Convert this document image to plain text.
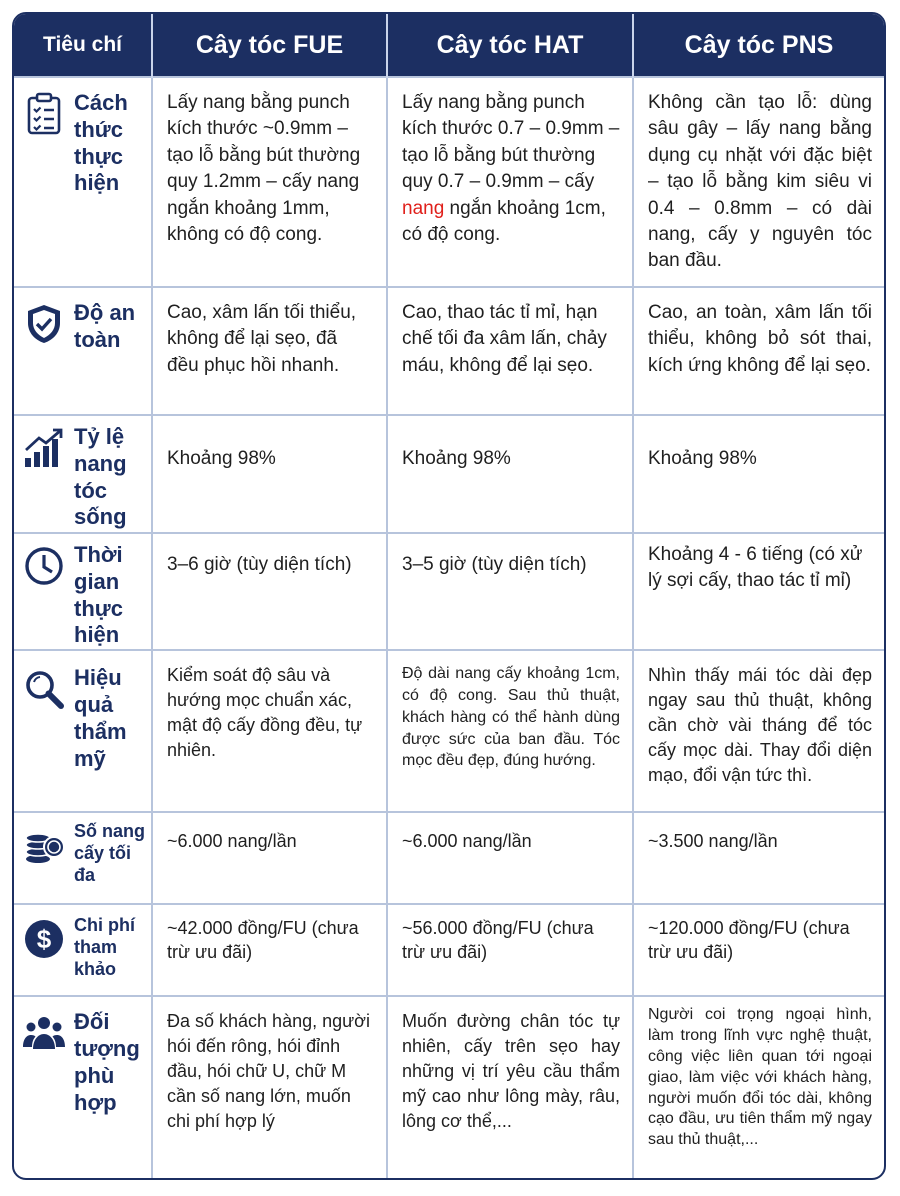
Tiêu chí	Cây tóc FUE	Cây tóc HAT	Cây tóc PNS

Cách thức thực hiện	Lấy nang bằng punch kích thước ~0.9mm – tạo lỗ bằng bút thường quy 1.2mm – cấy nang ngắn khoảng 1mm, không có độ cong.	Lấy nang bằng punch kích thước 0.7 – 0.9mm – tạo lỗ bằng bút thường quy 0.7 – 0.9mm – cấy nang ngắn khoảng 1cm, có độ cong.	Không cần tạo lỗ: dùng sâu gây – lấy nang bằng dụng cụ nhặt với đặc biệt – tạo lỗ bằng kim siêu vi 0.4 – 0.8mm – có dài nang, cấy y nguyên tóc ban đầu.

Độ an toàn	Cao, xâm lấn tối thiểu, không để lại sẹo, đã đều phục hồi nhanh.	Cao, thao tác tỉ mỉ, hạn chế tối đa xâm lấn, chảy máu, không để lại sẹo.	Cao, an toàn, xâm lấn tối thiểu, không bỏ sót thai, kích ứng không để lại sẹo.

Tỷ lệ nang tóc sống	Khoảng 98%	Khoảng 98%	Khoảng 98%

Thời gian thực hiện	3–6 giờ (tùy diện tích)	3–5 giờ (tùy diện tích)	Khoảng 4 - 6 tiếng (có xử lý sợi cấy, thao tác tỉ mỉ)

Hiệu quả thẩm mỹ	Kiểm soát độ sâu và hướng mọc chuẩn xác, mật độ cấy đồng đều, tự nhiên.	Độ dài nang cấy khoảng 1cm, có độ cong. Sau thủ thuật, khách hàng có thể hành dùng được sức của ban đầu. Tóc mọc đều đẹp, đúng hướng.	Nhìn thấy mái tóc dài đẹp ngay sau thủ thuật, không cần chờ vài tháng để tóc cấy mọc dài. Thay đổi diện mạo, đổi vận tức thì.

Số nang cấy tối đa	~6.000 nang/lần	~6.000 nang/lần	~3.500 nang/lần

$ Chi phí tham khảo	~42.000 đồng/FU (chưa trừ ưu đãi)	~56.000 đồng/FU (chưa trừ ưu đãi)	~120.000 đồng/FU (chưa trừ ưu đãi)

Đối tượng phù hợp	Đa số khách hàng, người hói đến rông, hói đỉnh đầu, hói chữ U, chữ M cần số nang lớn, muốn chi phí hợp lý	Muốn đường chân tóc tự nhiên, cấy trên sẹo hay những vị trí yêu cầu thẩm mỹ cao như lông mày, râu, lông cơ thể,...	Người coi trọng ngoại hình, làm trong lĩnh vực nghệ thuật, công việc liên quan tới ngoại giao, làm việc với khách hàng, người muốn đổi tóc dài, không cạo đầu, ưu tiên thẩm mỹ ngay sau thủ thuật,...
